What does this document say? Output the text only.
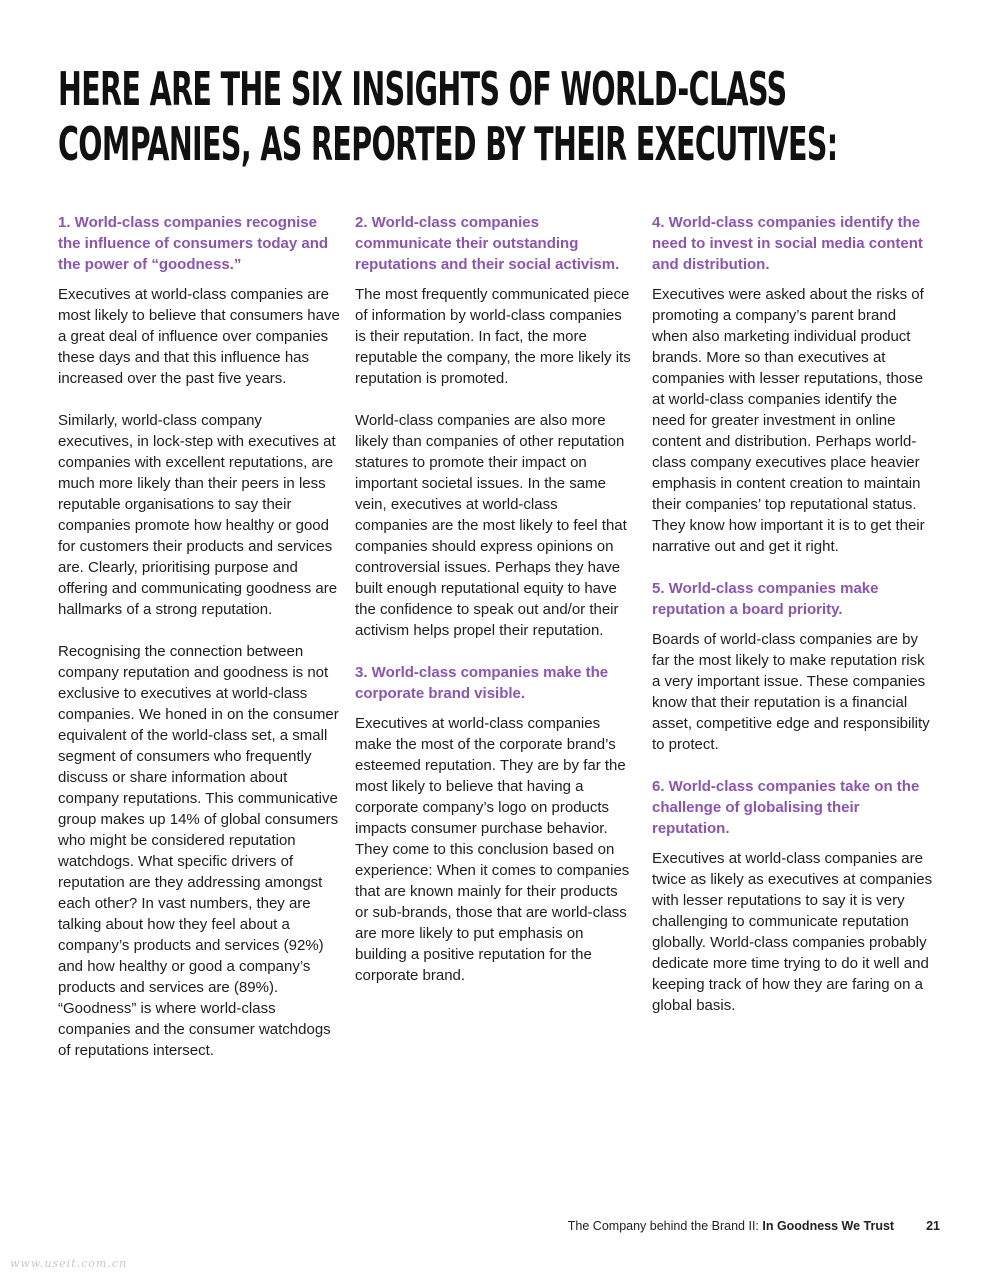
HERE ARE THE SIX INSIGHTS OF WORLD-CLASS
COMPANIES, AS REPORTED BY THEIR EXECUTIVES:

1. World-class companies recognise the influence of consumers today and the power of “goodness.”

Executives at world-class companies are most likely to believe that consumers have a great deal of influence over companies these days and that this influence has increased over the past five years.

Similarly, world-class company executives, in lock-step with executives at companies with excellent reputations, are much more likely than their peers in less reputable organisations to say their companies promote how healthy or good for customers their products and services are. Clearly, prioritising purpose and offering and communicating goodness are hallmarks of a strong reputation.

Recognising the connection between company reputation and goodness is not exclusive to executives at world-class companies. We honed in on the consumer equivalent of the world-class set, a small segment of consumers who frequently discuss or share information about company reputations. This communicative group makes up 14% of global consumers who might be considered reputation watchdogs. What specific drivers of reputation are they addressing amongst each other? In vast numbers, they are talking about how they feel about a company’s products and services (92%) and how healthy or good a company’s products and services are (89%). “Goodness” is where world-class companies and the consumer watchdogs of reputations intersect.

2. World-class companies communicate their outstanding reputations and their social activism.

The most frequently communicated piece of information by world-class companies is their reputation. In fact, the more reputable the company, the more likely its reputation is promoted.

World-class companies are also more likely than companies of other reputation statures to promote their impact on important societal issues. In the same vein, executives at world-class companies are the most likely to feel that companies should express opinions on controversial issues. Perhaps they have built enough reputational equity to have the confidence to speak out and/or their activism helps propel their reputation.

3. World-class companies make the corporate brand visible.

Executives at world-class companies make the most of the corporate brand’s esteemed reputation. They are by far the most likely to believe that having a corporate company’s logo on products impacts consumer purchase behavior. They come to this conclusion based on experience: When it comes to companies that are known mainly for their products or sub-brands, those that are world-class are more likely to put emphasis on building a positive reputation for the corporate brand.

4. World-class companies identify the need to invest in social media content and distribution.

Executives were asked about the risks of promoting a company’s parent brand when also marketing individual product brands. More so than executives at companies with lesser reputations, those at world-class companies identify the need for greater investment in online content and distribution. Perhaps world-class company executives place heavier emphasis in content creation to maintain their companies’ top reputational status. They know how important it is to get their narrative out and get it right.

5. World-class companies make reputation a board priority.

Boards of world-class companies are by far the most likely to make reputation risk a very important issue. These companies know that their reputation is a financial asset, competitive edge and responsibility to protect.

6. World-class companies take on the challenge of globalising their reputation.

Executives at world-class companies are twice as likely as executives at companies with lesser reputations to say it is very challenging to communicate reputation globally. World-class companies probably dedicate more time trying to do it well and keeping track of how they are faring on a global basis.

The Company behind the Brand II: In Goodness We Trust	21
www.useit.com.cn
